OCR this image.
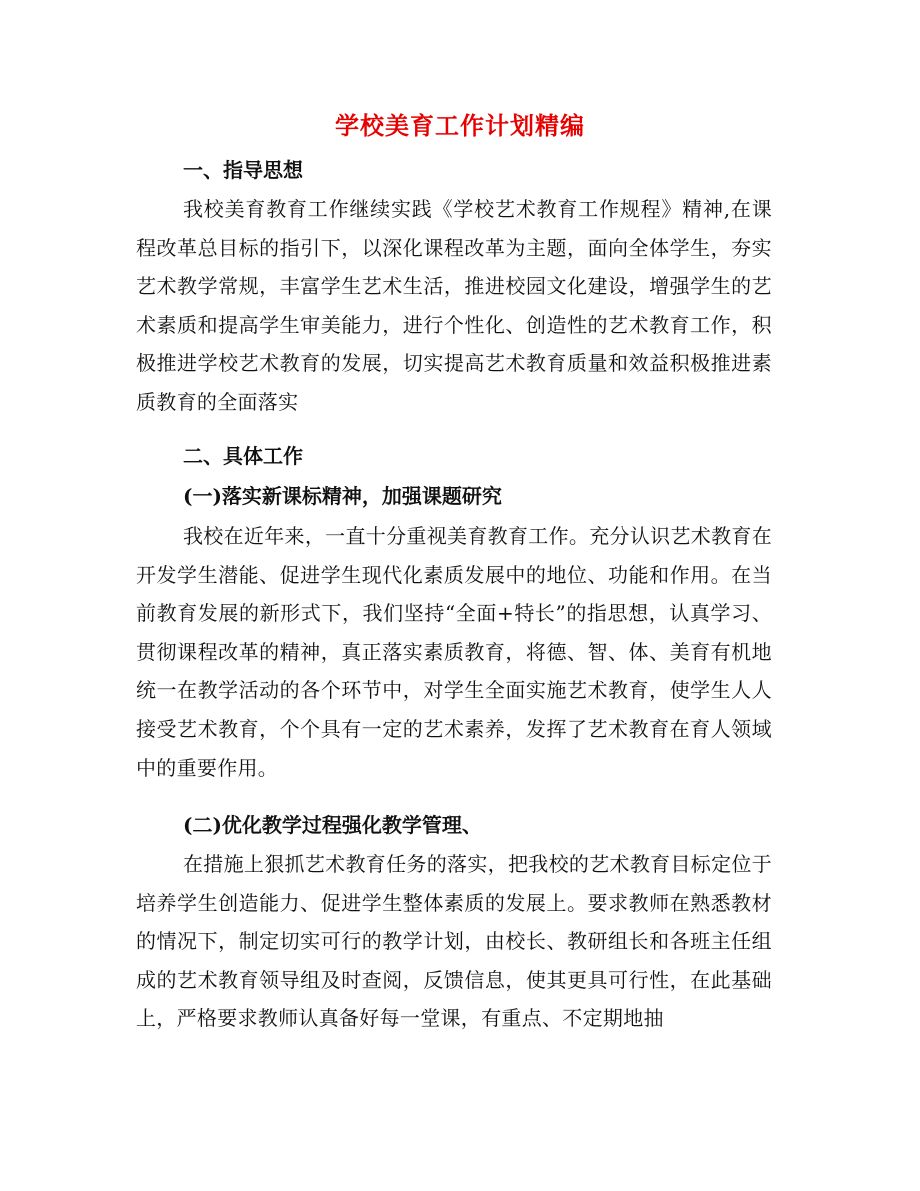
学校美育工作计划精编
一、指导思想
我校美育教育工作继续实践《学校艺术教育工作规程》精神,在课程改革总目标的指引下，以深化课程改革为主题，面向全体学生，夯实艺术教学常规，丰富学生艺术生活，推进校园文化建设，增强学生的艺术素质和提高学生审美能力，进行个性化、创造性的艺术教育工作，积极推进学校艺术教育的发展，切实提高艺术教育质量和效益积极推进素质教育的全面落实
二、具体工作
(一)落实新课标精神，加强课题研究
我校在近年来，一直十分重视美育教育工作。充分认识艺术教育在开发学生潜能、促进学生现代化素质发展中的地位、功能和作用。在当前教育发展的新形式下，我们坚持“全面+特长”的指思想，认真学习、贯彻课程改革的精神，真正落实素质教育，将德、智、体、美育有机地统一在教学活动的各个环节中，对学生全面实施艺术教育，使学生人人接受艺术教育，个个具有一定的艺术素养，发挥了艺术教育在育人领域中的重要作用。
(二)优化教学过程强化教学管理、
在措施上狠抓艺术教育任务的落实，把我校的艺术教育目标定位于培养学生创造能力、促进学生整体素质的发展上。要求教师在熟悉教材的情况下，制定切实可行的教学计划，由校长、教研组长和各班主任组成的艺术教育领导组及时查阅，反馈信息，使其更具可行性，在此基础上，严格要求教师认真备好每一堂课，有重点、不定期地抽
